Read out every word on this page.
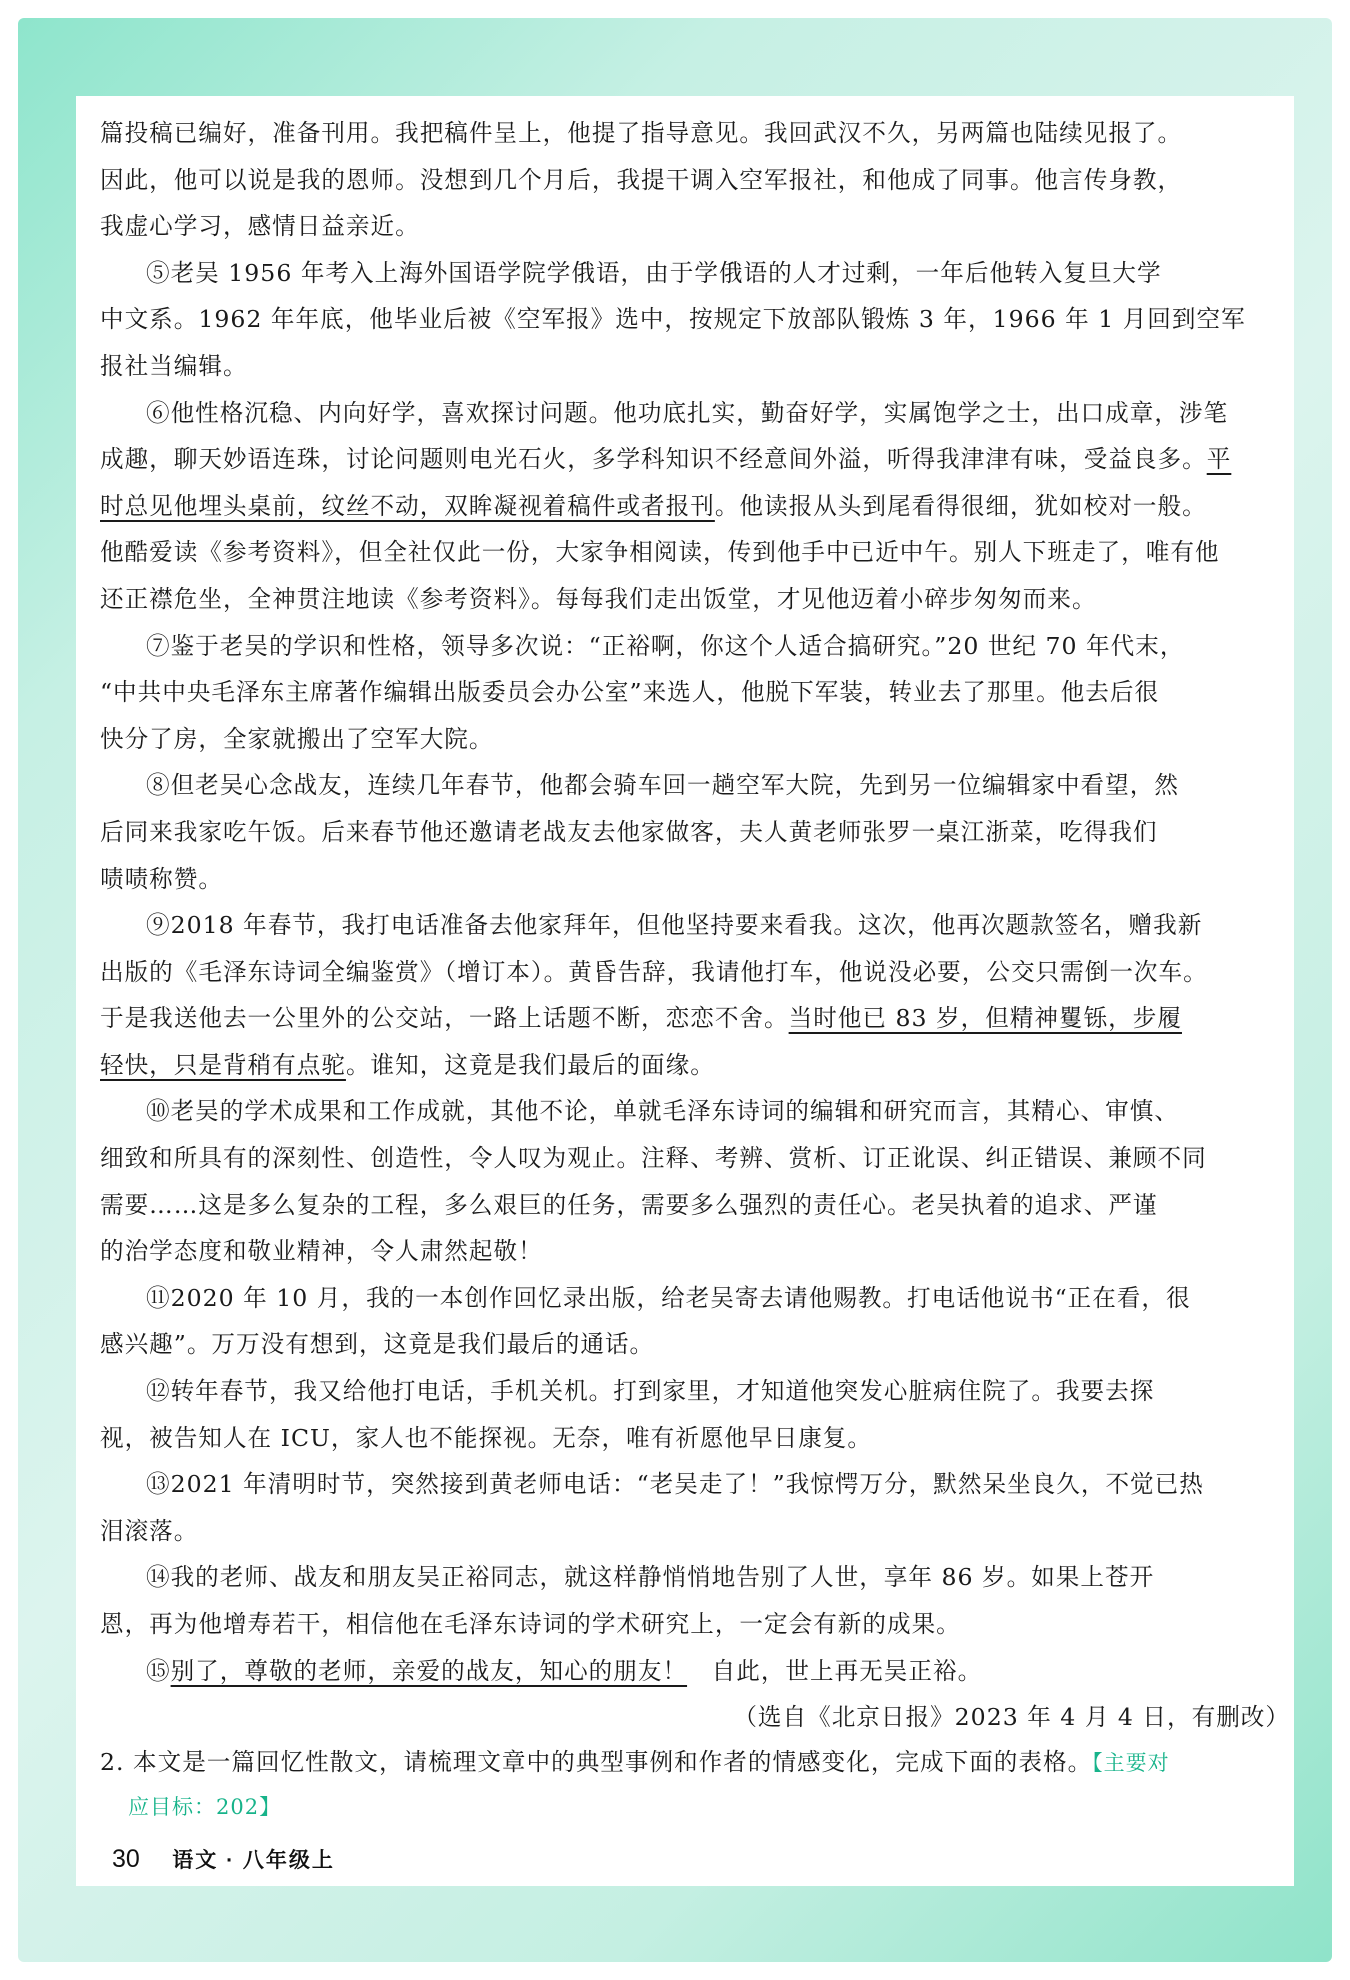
篇投稿已编好，准备刊用。我把稿件呈上，他提了指导意见。我回武汉不久，另两篇也陆续见报了。
因此，他可以说是我的恩师。没想到几个月后，我提干调入空军报社，和他成了同事。他言传身教，
我虚心学习，感情日益亲近。
⑤老吴 1956 年考入上海外国语学院学俄语，由于学俄语的人才过剩，一年后他转入复旦大学
中文系。1962 年年底，他毕业后被《空军报》选中，按规定下放部队锻炼 3 年，1966 年 1 月回到空军
报社当编辑。
⑥他性格沉稳、内向好学，喜欢探讨问题。他功底扎实，勤奋好学，实属饱学之士，出口成章，涉笔
成趣，聊天妙语连珠，讨论问题则电光石火，多学科知识不经意间外溢，听得我津津有味，受益良多。平
时总见他埋头桌前，纹丝不动，双眸凝视着稿件或者报刊。他读报从头到尾看得很细，犹如校对一般。
他酷爱读《参考资料》，但全社仅此一份，大家争相阅读，传到他手中已近中午。别人下班走了，唯有他
还正襟危坐，全神贯注地读《参考资料》。每每我们走出饭堂，才见他迈着小碎步匆匆而来。
⑦鉴于老吴的学识和性格，领导多次说：“正裕啊，你这个人适合搞研究。”20 世纪 70 年代末，
“中共中央毛泽东主席著作编辑出版委员会办公室”来选人，他脱下军装，转业去了那里。他去后很
快分了房，全家就搬出了空军大院。
⑧但老吴心念战友，连续几年春节，他都会骑车回一趟空军大院，先到另一位编辑家中看望，然
后同来我家吃午饭。后来春节他还邀请老战友去他家做客，夫人黄老师张罗一桌江浙菜，吃得我们
啧啧称赞。
⑨2018 年春节，我打电话准备去他家拜年，但他坚持要来看我。这次，他再次题款签名，赠我新
出版的《毛泽东诗词全编鉴赏》（增订本）。黄昏告辞，我请他打车，他说没必要，公交只需倒一次车。
于是我送他去一公里外的公交站，一路上话题不断，恋恋不舍。当时他已 83 岁，但精神矍铄，步履
轻快，只是背稍有点驼。谁知，这竟是我们最后的面缘。
⑩老吴的学术成果和工作成就，其他不论，单就毛泽东诗词的编辑和研究而言，其精心、审慎、
细致和所具有的深刻性、创造性，令人叹为观止。注释、考辨、赏析、订正讹误、纠正错误、兼顾不同
需要……这是多么复杂的工程，多么艰巨的任务，需要多么强烈的责任心。老吴执着的追求、严谨
的治学态度和敬业精神，令人肃然起敬！
⑪2020 年 10 月，我的一本创作回忆录出版，给老吴寄去请他赐教。打电话他说书“正在看，很
感兴趣”。万万没有想到，这竟是我们最后的通话。
⑫转年春节，我又给他打电话，手机关机。打到家里，才知道他突发心脏病住院了。我要去探
视，被告知人在 ICU，家人也不能探视。无奈，唯有祈愿他早日康复。
⑬2021 年清明时节，突然接到黄老师电话：“老吴走了！”我惊愕万分，默然呆坐良久，不觉已热
泪滚落。
⑭我的老师、战友和朋友吴正裕同志，就这样静悄悄地告别了人世，享年 86 岁。如果上苍开
恩，再为他增寿若干，相信他在毛泽东诗词的学术研究上，一定会有新的成果。
⑮别了，尊敬的老师，亲爱的战友，知心的朋友！  自此，世上再无吴正裕。
（选自《北京日报》2023 年 4 月 4 日，有删改）
2. 本文是一篇回忆性散文，请梳理文章中的典型事例和作者的情感变化，完成下面的表格。【主要对
应目标：202】
30 语文 · 八年级上
